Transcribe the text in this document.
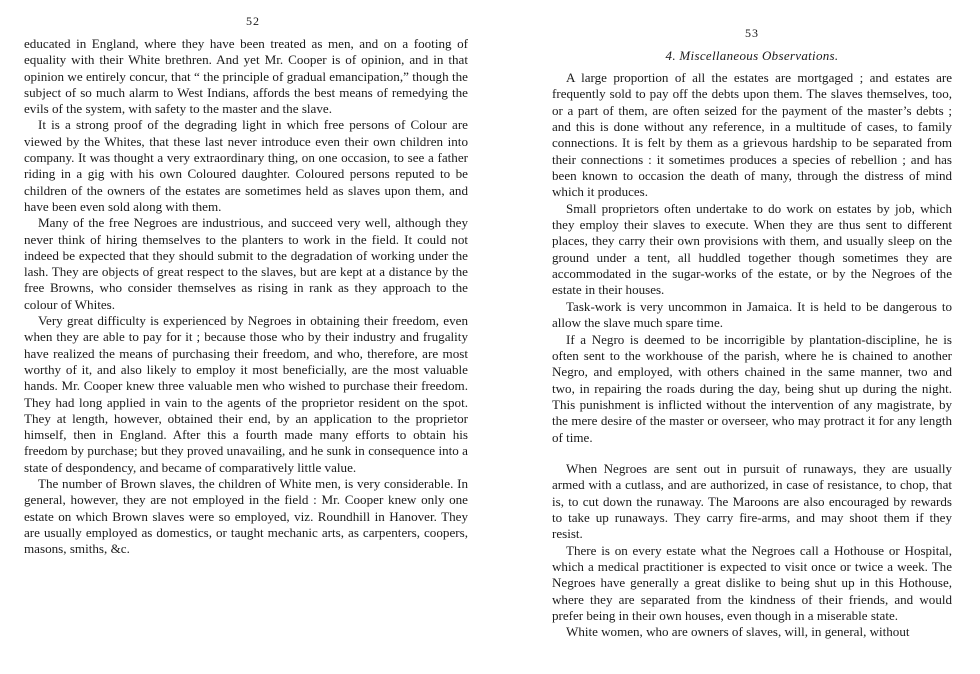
52

educated in England, where they have been treated as men, and on a footing of equality with their White brethren. And yet Mr. Cooper is of opinion, and in that opinion we entirely concur, that “ the principle of gradual emancipation,” though the subject of so much alarm to West Indians, affords the best means of remedying the evils of the system, with safety to the master and the slave.

It is a strong proof of the degrading light in which free persons of Colour are viewed by the Whites, that these last never introduce even their own children into company. It was thought a very extraordinary thing, on one occasion, to see a father riding in a gig with his own Coloured daughter. Coloured persons reputed to be children of the owners of the estates are sometimes held as slaves upon them, and have been even sold along with them.

Many of the free Negroes are industrious, and succeed very well, although they never think of hiring themselves to the planters to work in the field. It could not indeed be expected that they should submit to the degradation of working under the lash. They are objects of great respect to the slaves, but are kept at a distance by the free Browns, who consider themselves as rising in rank as they approach to the colour of Whites.

Very great difficulty is experienced by Negroes in obtaining their freedom, even when they are able to pay for it ; because those who by their industry and frugality have realized the means of purchasing their freedom, and who, therefore, are most worthy of it, and also likely to employ it most beneficially, are the most valuable hands. Mr. Cooper knew three valuable men who wished to purchase their freedom. They had long applied in vain to the agents of the proprietor resident on the spot. They at length, however, obtained their end, by an application to the proprietor himself, then in England. After this a fourth made many efforts to obtain his freedom by purchase; but they proved unavailing, and he sunk in consequence into a state of despondency, and became of comparatively little value.

The number of Brown slaves, the children of White men, is very considerable. In general, however, they are not employed in the field : Mr. Cooper knew only one estate on which Brown slaves were so employed, viz. Roundhill in Hanover. They are usually employed as domestics, or taught mechanic arts, as carpenters, coopers, masons, smiths, &c.

53
4. Miscellaneous Observations.

A large proportion of all the estates are mortgaged ; and estates are frequently sold to pay off the debts upon them. The slaves themselves, too, or a part of them, are often seized for the payment of the master’s debts ; and this is done without any reference, in a multitude of cases, to family connections. It is felt by them as a grievous hardship to be separated from their connections : it sometimes produces a species of rebellion ; and has been known to occasion the death of many, through the distress of mind which it produces.

Small proprietors often undertake to do work on estates by job, which they employ their slaves to execute. When they are thus sent to different places, they carry their own provisions with them, and usually sleep on the ground under a tent, all huddled together though sometimes they are accommodated in the sugar-works of the estate, or by the Negroes of the estate in their houses.

Task-work is very uncommon in Jamaica. It is held to be dangerous to allow the slave much spare time.

If a Negro is deemed to be incorrigible by plantation-discipline, he is often sent to the workhouse of the parish, where he is chained to another Negro, and employed, with others chained in the same manner, two and two, in repairing the roads during the day, being shut up during the night. This punishment is inflicted without the intervention of any magistrate, by the mere desire of the master or overseer, who may protract it for any length of time.

When Negroes are sent out in pursuit of runaways, they are usually armed with a cutlass, and are authorized, in case of resistance, to chop, that is, to cut down the runaway. The Maroons are also encouraged by rewards to take up runaways. They carry fire-arms, and may shoot them if they resist.

There is on every estate what the Negroes call a Hothouse or Hospital, which a medical practitioner is expected to visit once or twice a week. The Negroes have generally a great dislike to being shut up in this Hothouse, where they are separated from the kindness of their friends, and would prefer being in their own houses, even though in a miserable state.

White women, who are owners of slaves, will, in general, without
